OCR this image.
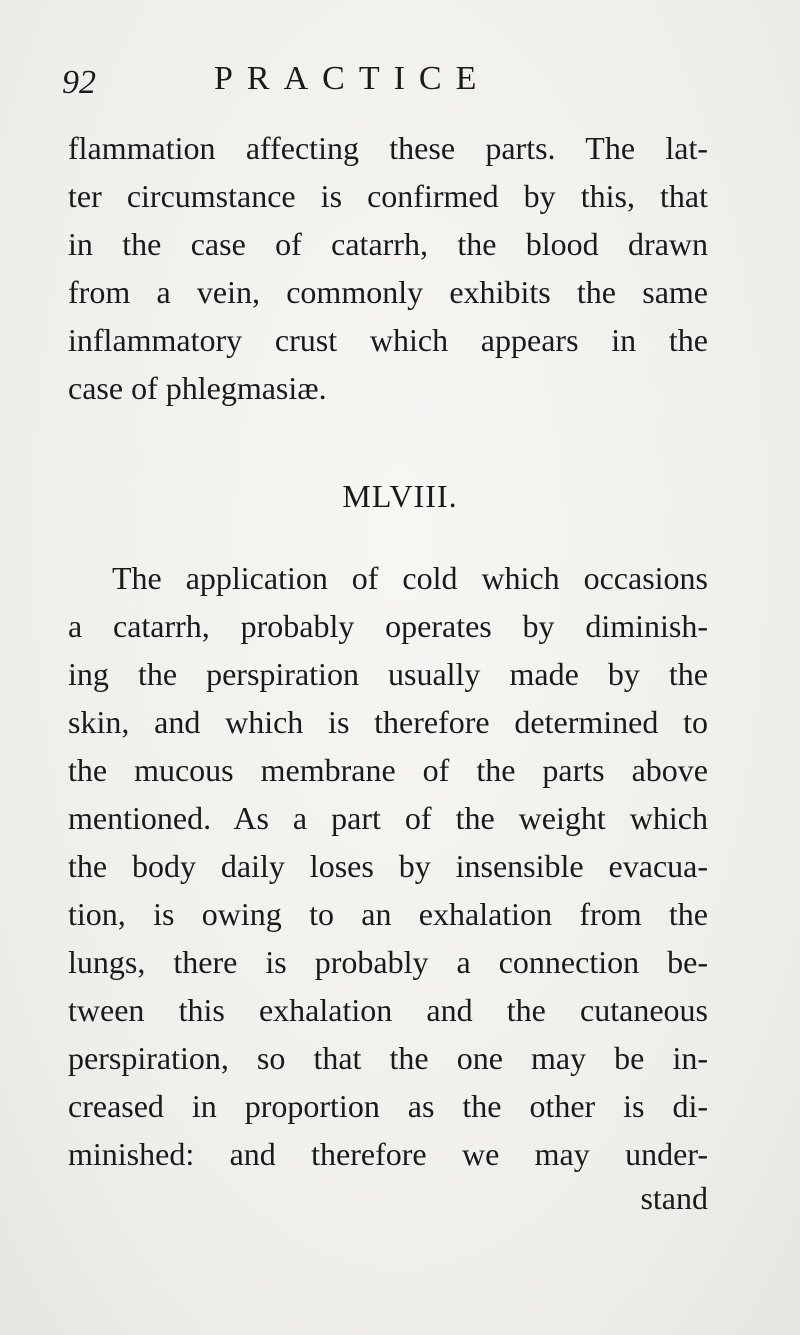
92	PRACTICE
flammation affecting these parts. The lat-
ter circumstance is confirmed by this, that
in the case of catarrh, the blood drawn
from a vein, commonly exhibits the same
inflammatory crust which appears in the
case of phlegmasiæ.
MLVIII.
The application of cold which occasions
a catarrh, probably operates by diminish-
ing the perspiration usually made by the
skin, and which is therefore determined to
the mucous membrane of the parts above
mentioned. As a part of the weight which
the body daily loses by insensible evacua-
tion, is owing to an exhalation from the
lungs, there is probably a connection be-
tween this exhalation and the cutaneous
perspiration, so that the one may be in-
creased in proportion as the other is di-
minished: and therefore we may under-
stand
